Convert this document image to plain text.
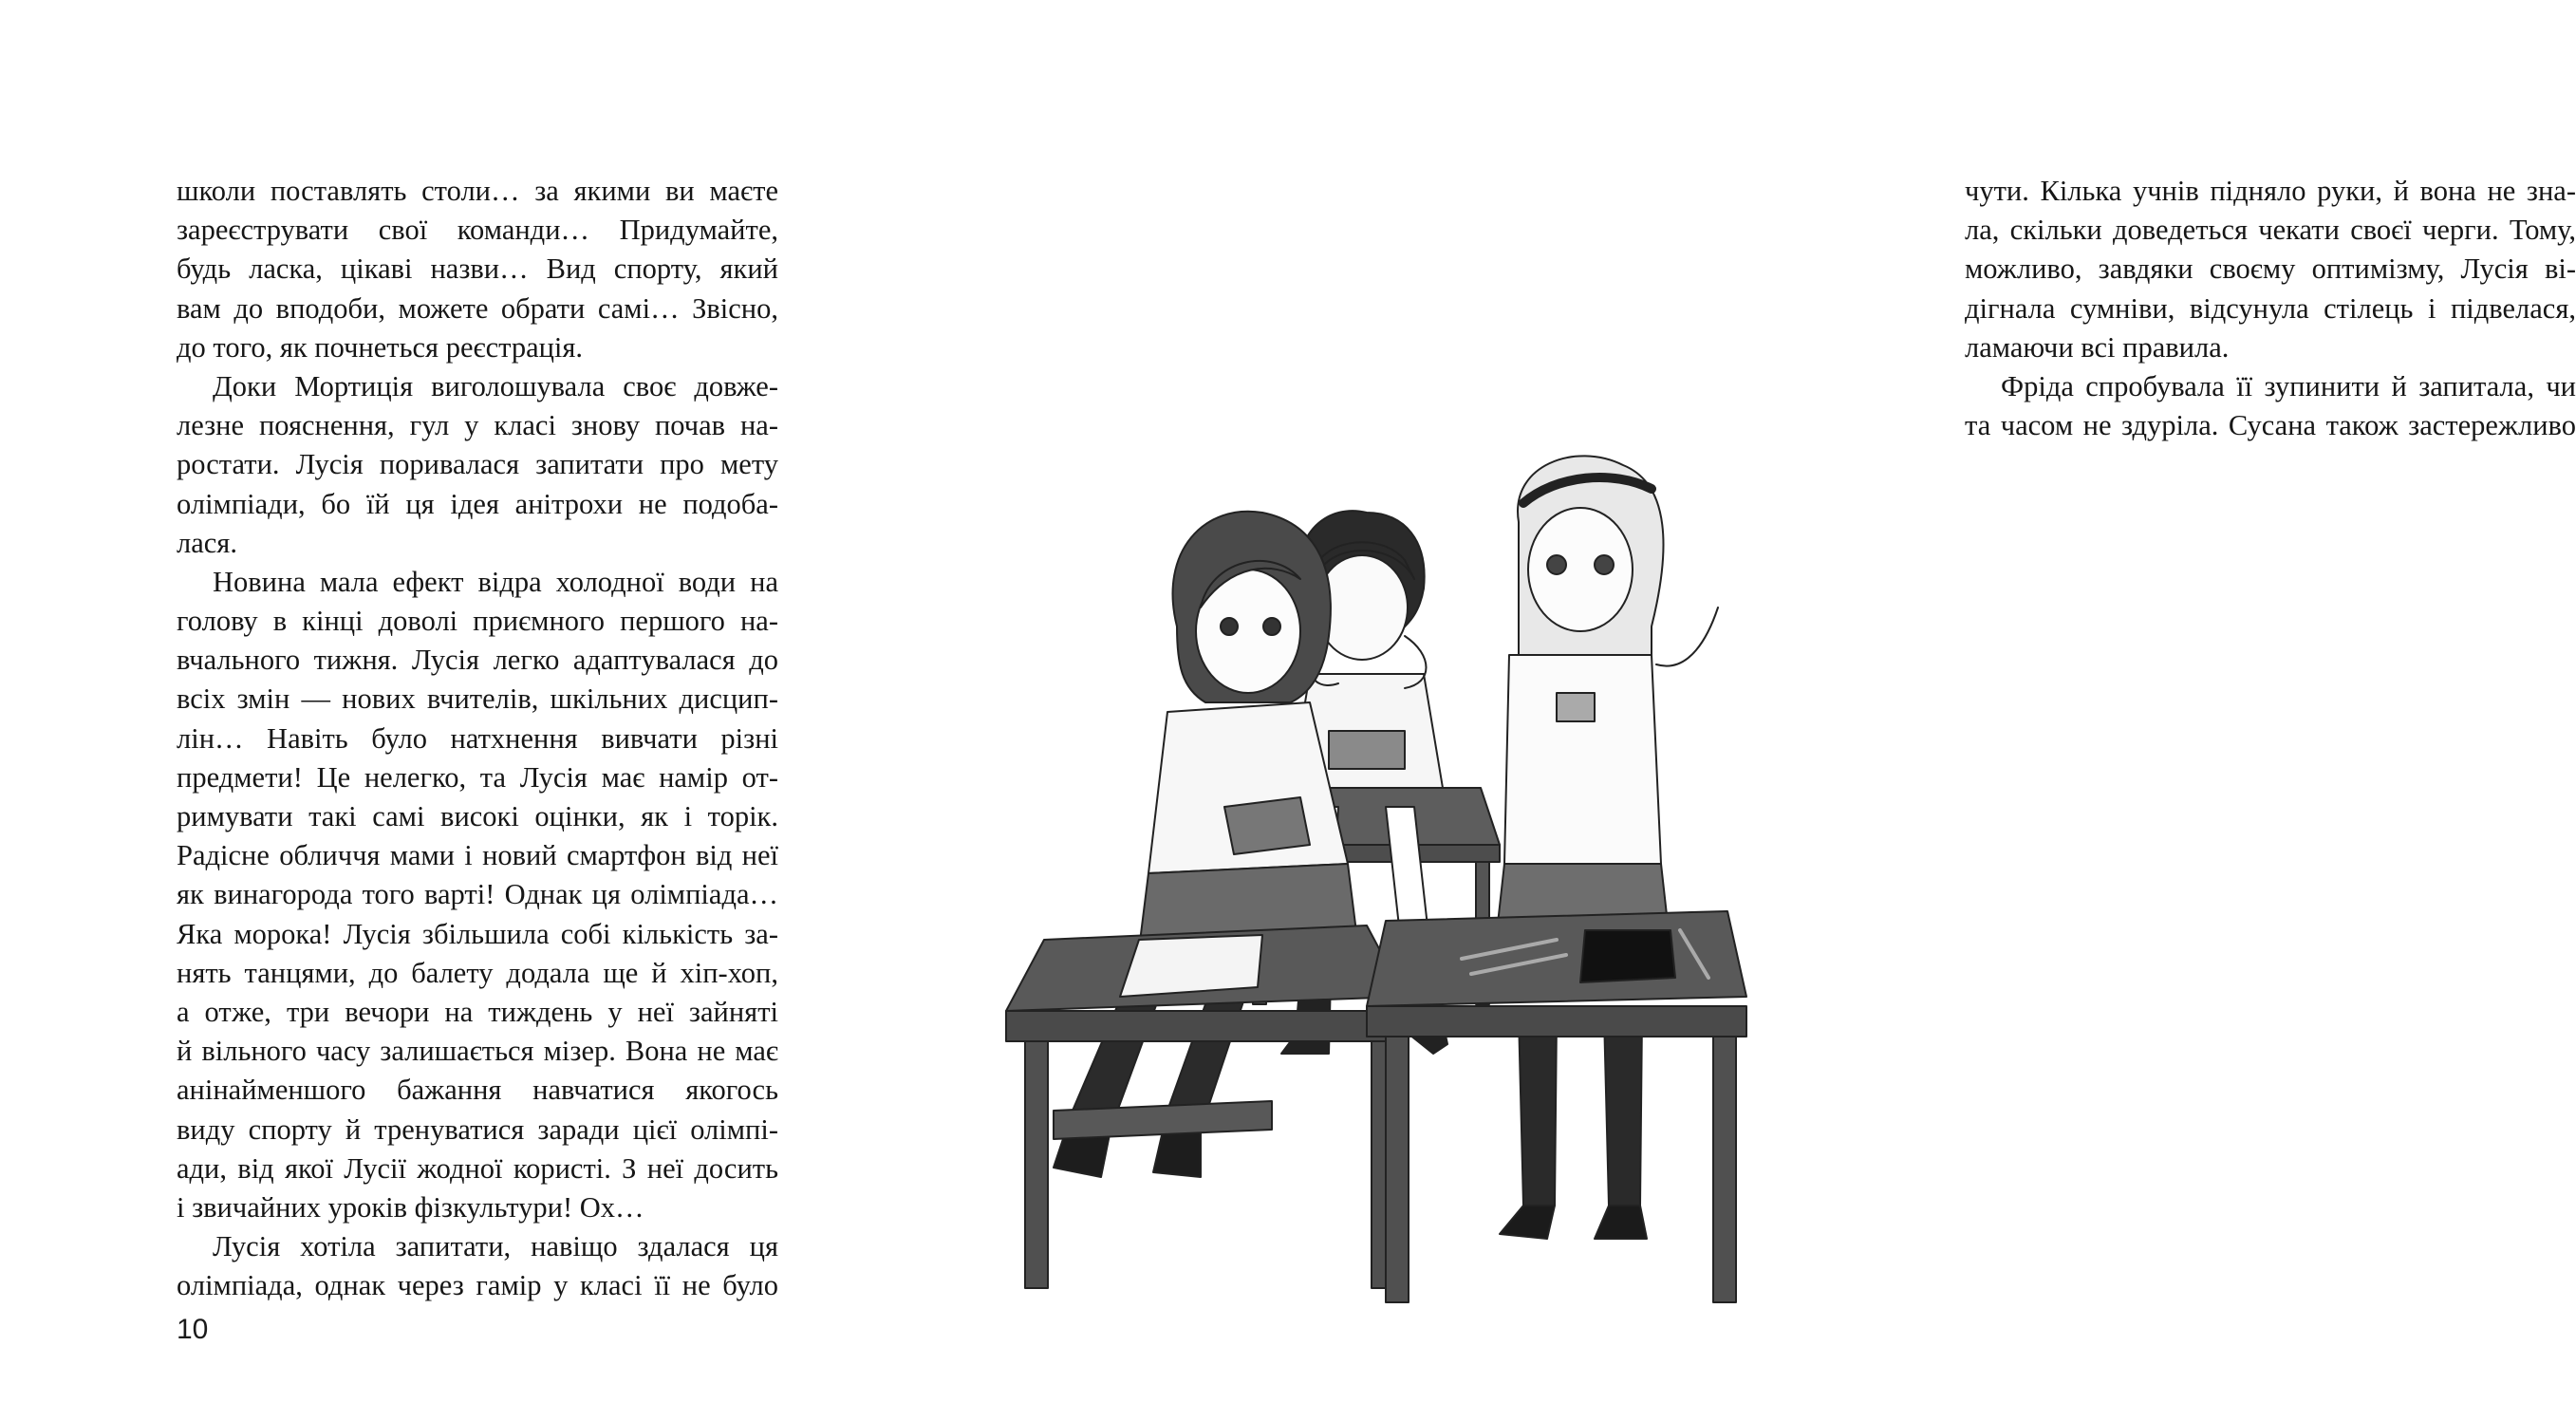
школи поставлять столи… за якими ви маєте
зареєструвати свої команди… Придумайте,
будь ласка, цікаві назви… Вид спорту, який
вам до вподоби, можете обрати самі… Звісно,
до того, як почнеться реєстрація.
Доки Мортиція виголошувала своє довже-
лезне пояснення, гул у класі знову почав на-
ростати. Лусія поривалася запитати про мету
олімпіади, бо їй ця ідея анітрохи не подоба-
лася.
Новина мала ефект відра холодної води на
голову в кінці доволі приємного першого на-
вчального тижня. Лусія легко адаптувалася до
всіх змін — нових вчителів, шкільних дисцип-
лін… Навіть було натхнення вивчати різні
предмети! Це нелегко, та Лусія має намір от-
римувати такі самі високі оцінки, як і торік.
Радісне обличчя мами і новий смартфон від неї
як винагорода того варті! Однак ця олімпіада…
Яка морока! Лусія збільшила собі кількість за-
нять танцями, до балету додала ще й хіп-хоп,
а отже, три вечори на тиждень у неї зайняті
й вільного часу залишається мізер. Вона не має
анінайменшого бажання навчатися якогось
виду спорту й тренуватися заради цієї олімпі-
ади, від якої Лусії жодної користі. З неї досить
і звичайних уроків фізкультури! Ох…
Лусія хотіла запитати, навіщо здалася ця
олімпіада, однак через гамір у класі її не було
10
чути. Кілька учнів підняло руки, й вона не зна-
ла, скільки доведеться чекати своєї черги. Тому,
можливо, завдяки своєму оптимізму, Лусія ві-
дігнала сумніви, відсунула стілець і підвелася,
ламаючи всі правила.
Фріда спробувала її зупинити й запитала, чи
та часом не здуріла. Сусана також застережливо
